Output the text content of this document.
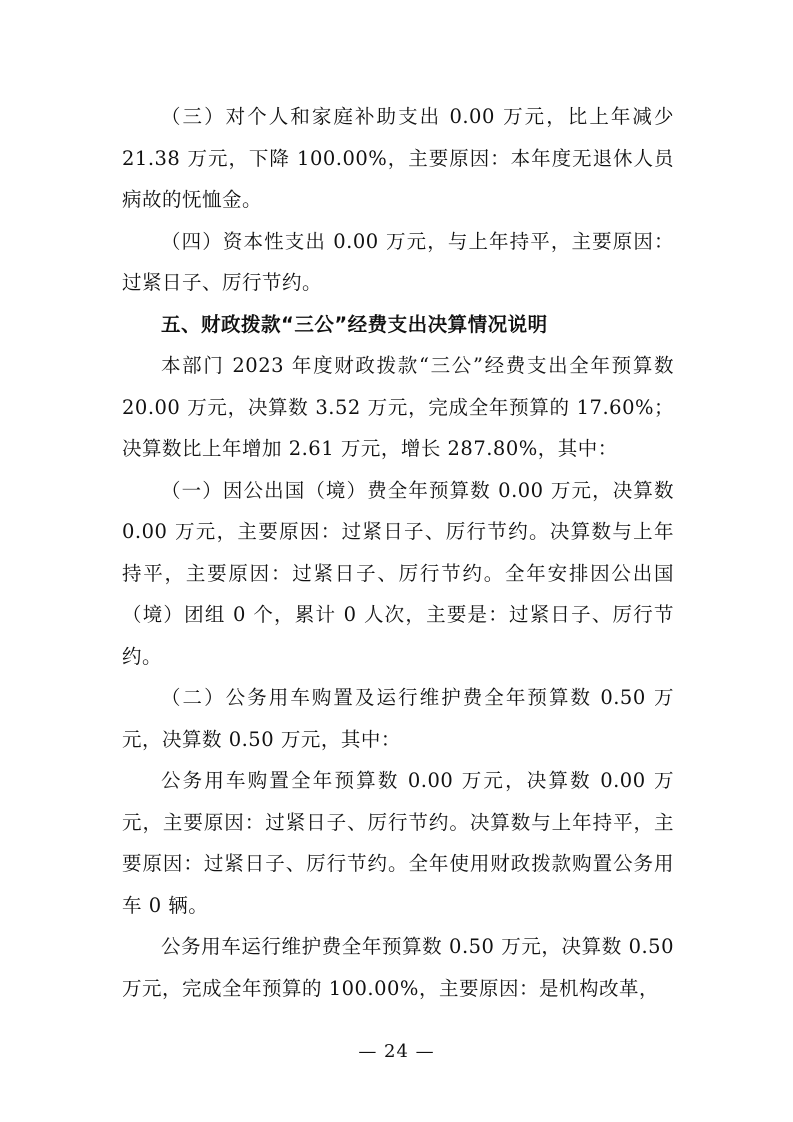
（三）对个人和家庭补助支出 0.00 万元，比上年减少 21.38 万元，下降 100.00%，主要原因：本年度无退休人员病故的怃恤金。

（四）资本性支出 0.00 万元，与上年持平，主要原因：过紧日子、厉行节约。

五、财政拨款“三公”经费支出决算情况说明

本部门 2023 年度财政拨款“三公”经费支出全年预算数 20.00 万元，决算数 3.52 万元，完成全年预算的 17.60%；决算数比上年增加 2.61 万元，增长 287.80%，其中：

（一）因公出国（境）费全年预算数 0.00 万元，决算数 0.00 万元，主要原因：过紧日子、厉行节约。决算数与上年持平，主要原因：过紧日子、厉行节约。全年安排因公出国（境）团组 0 个，累计 0 人次，主要是：过紧日子、厉行节约。

（二）公务用车购置及运行维护费全年预算数 0.50 万元，决算数 0.50 万元，其中：

公务用车购置全年预算数 0.00 万元，决算数 0.00 万元，主要原因：过紧日子、厉行节约。决算数与上年持平，主要原因：过紧日子、厉行节约。全年使用财政拨款购置公务用车 0 辆。

公务用车运行维护费全年预算数 0.50 万元，决算数 0.50 万元，完成全年预算的 100.00%，主要原因：是机构改革，

— 24 —
